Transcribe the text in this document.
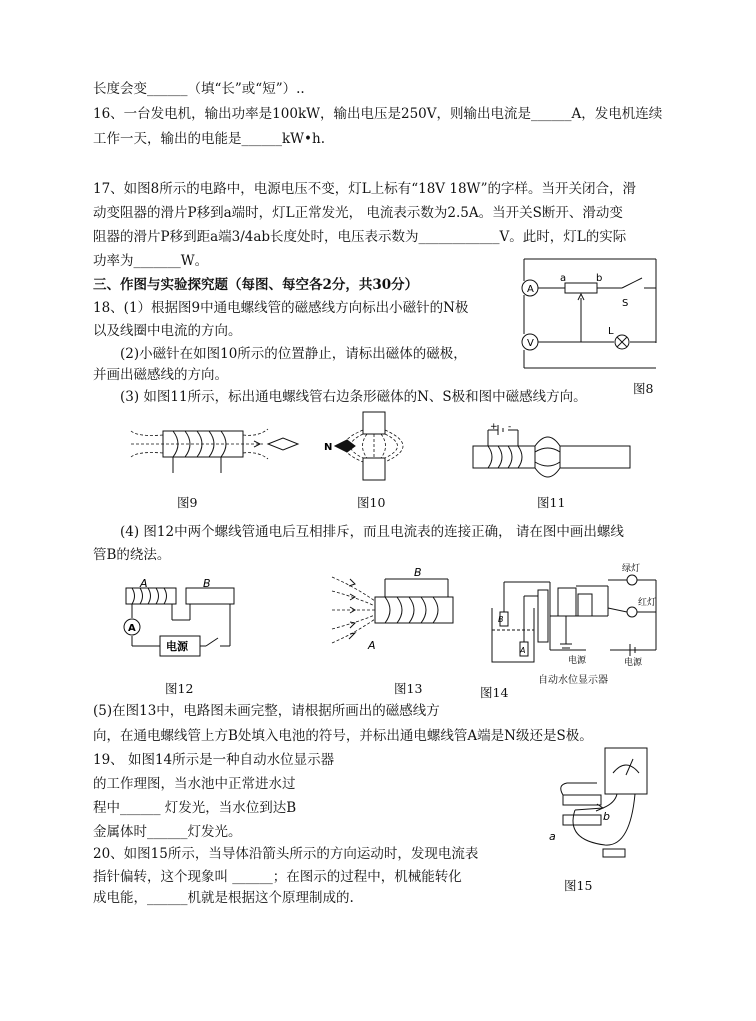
长度会变______（填“长”或“短”）..
16、一台发电机，输出功率是100kW，输出电压是250V，则输出电流是______A，发电机连续
工作一天，输出的电能是______kW•h.
17、如图8所示的电路中，电源电压不变，灯L上标有“18V 18W”的字样。当开关闭合，滑
动变阻器的滑片P移到a端时，灯L正常发光， 电流表示数为2.5A。当开关S断开、滑动变
阻器的滑片P移到距a端3/4ab长度处时，电压表示数为____________V。此时，灯L的实际
功率为_______W。
三、作图与实验探究题（每图、每空各2分，共30分）
18、(1）根据图9中通电螺线管的磁感线方向标出小磁针的N极
以及线圈中电流的方向。
(2)小磁针在如图10所示的位置静止，请标出磁体的磁极，
并画出磁感线的方向。
(3) 如图11所示，标出通电螺线管右边条形磁体的N、S极和图中磁感线方向。
(4) 图12中两个螺线管通电后互相排斥，而且电流表的连接正确， 请在图中画出螺线
管B的绕法。
(5)在图13中，电路图未画完整，请根据所画出的磁感线方
向，在通电螺线管上方B处填入电池的符号，并标出通电螺线管A端是N级还是S极。
19、 如图14所示是一种自动水位显示器
的工作理图，当水池中正常进水过
程中______ 灯发光，当水位到达B
金属体时______灯发光。
20、如图15所示，当导体沿箭头所示的方向运动时，发现电流表
指针偏转，这个现象叫 ______；在图示的过程中，机械能转化
成电能，______机就是根据这个原理制成的.
图8
图9	图10	图11
图12	图13	图14
自动水位显示器
图15
A
V
a	b
S
L
N
+ -
A
A	B
电源
B
A
B
A
绿灯
红灯
电源	电源
a
b
